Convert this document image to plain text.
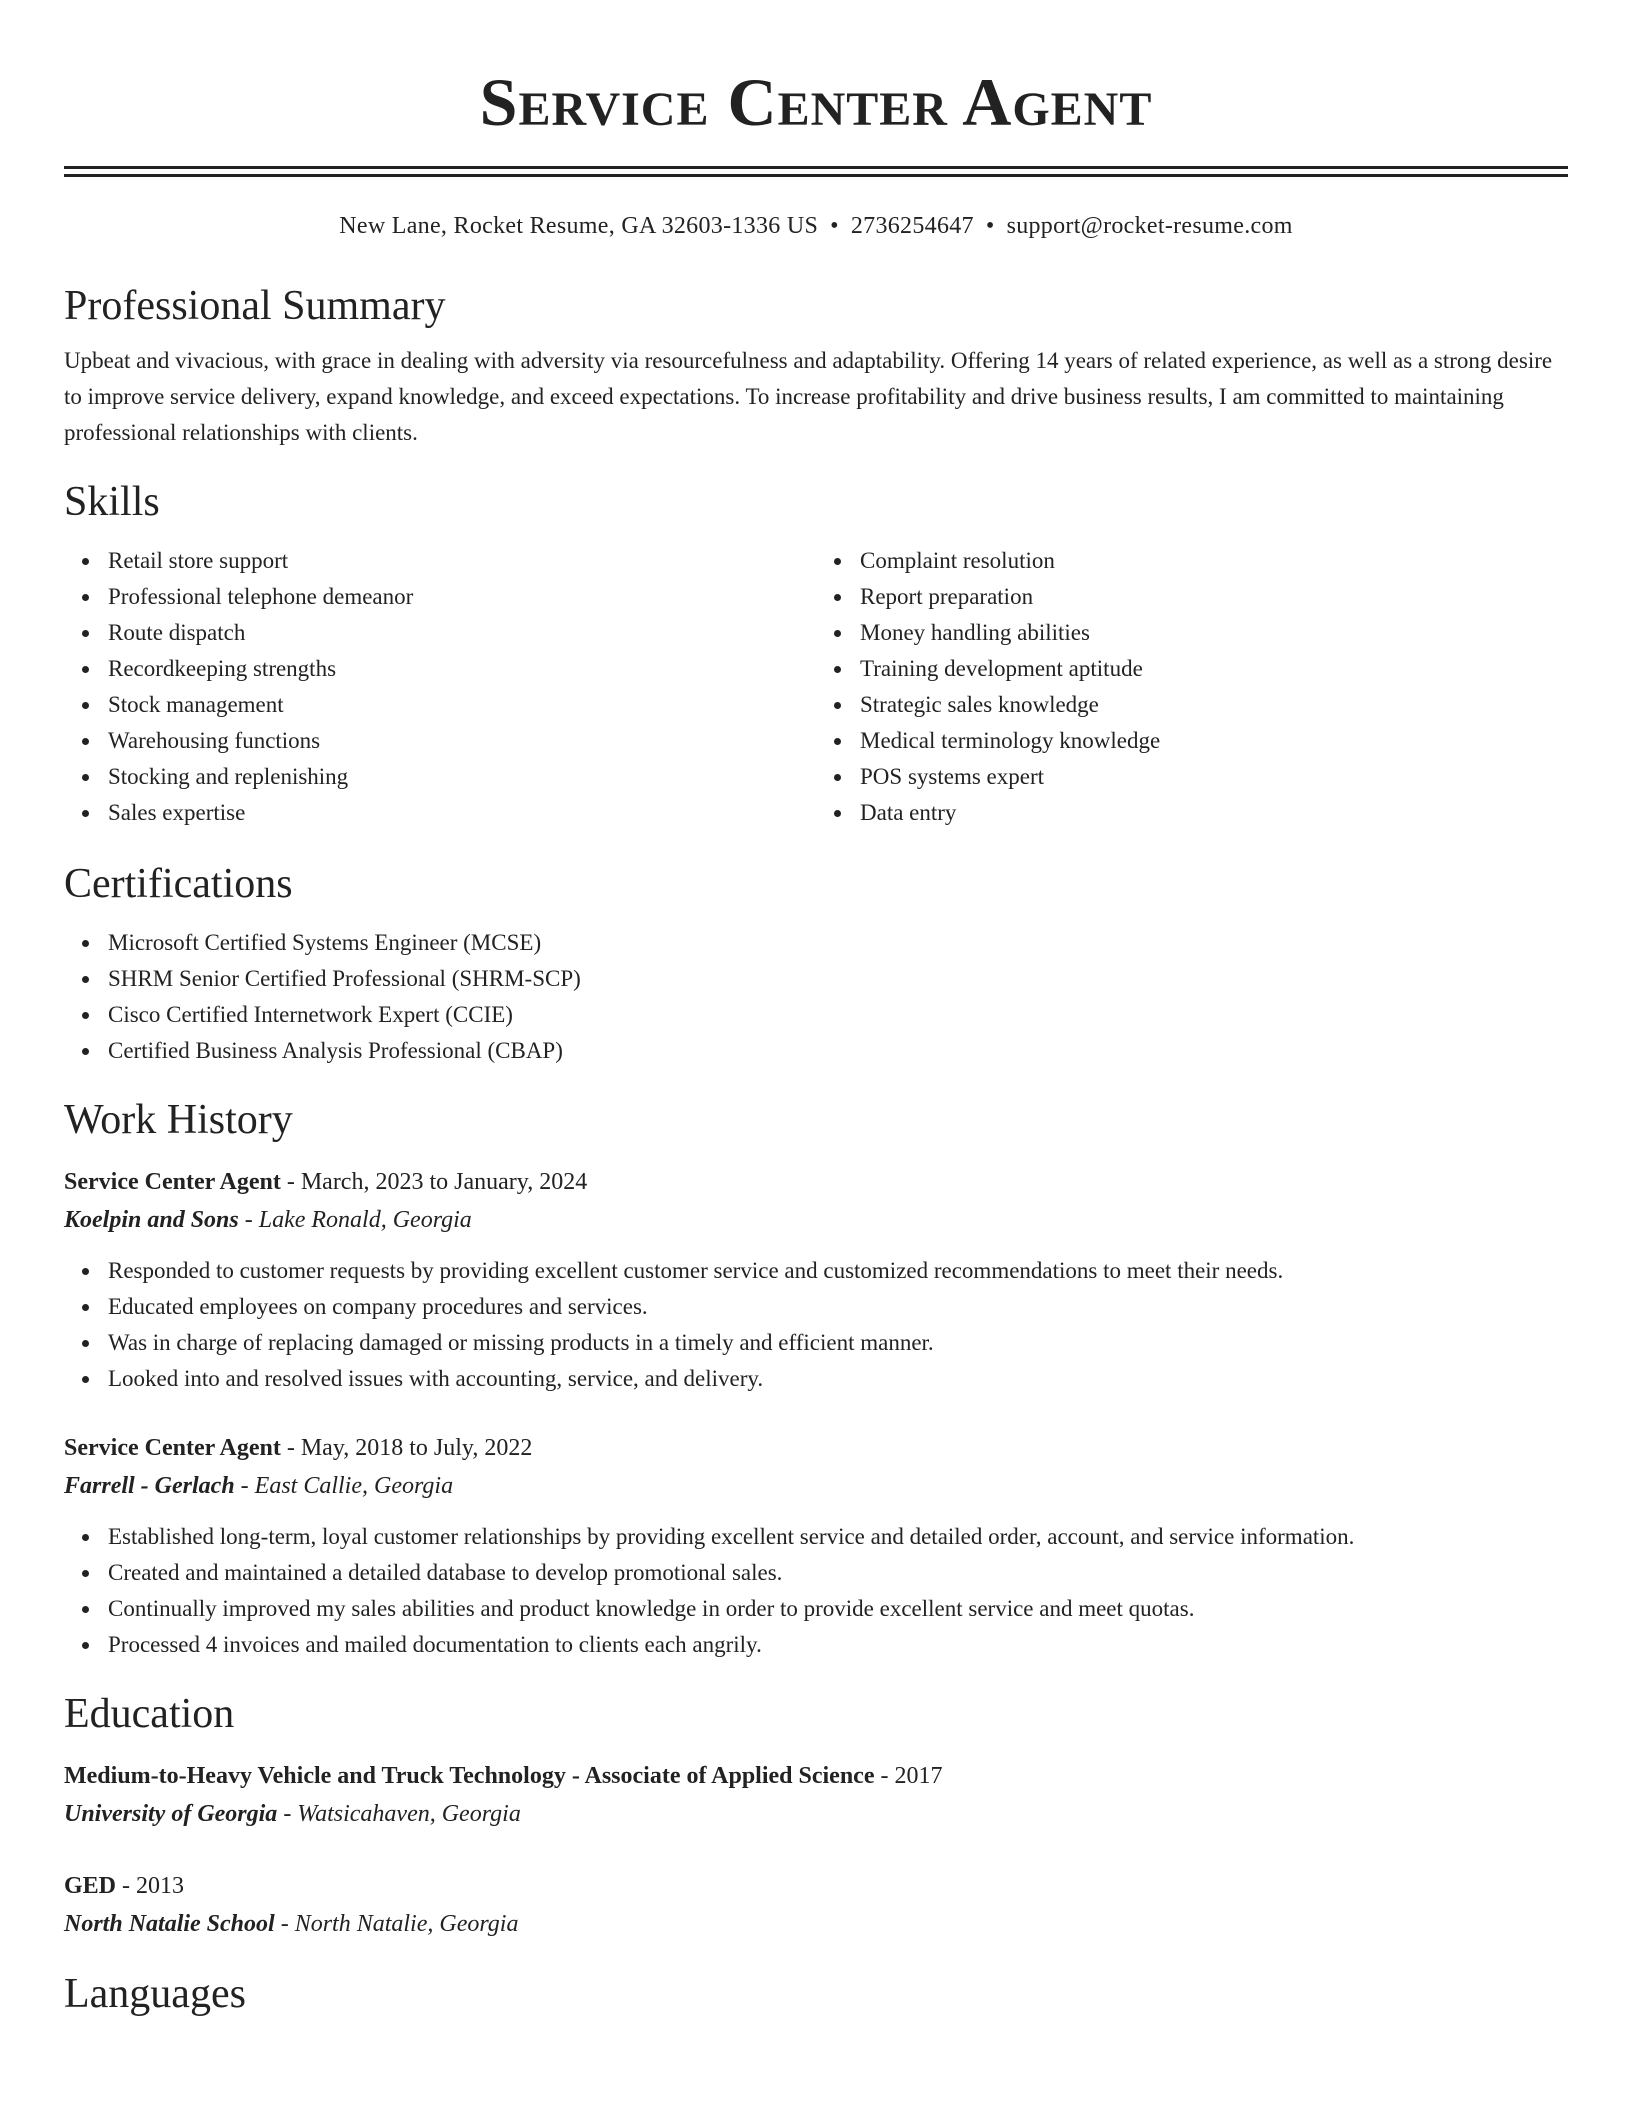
Service Center Agent
New Lane, Rocket Resume, GA 32603-1336 US • 2736254647 • support@rocket-resume.com
Professional Summary

Upbeat and vivacious, with grace in dealing with adversity via resourcefulness and adaptability. Offering 14 years of related experience, as well as a strong desire to improve service delivery, expand knowledge, and exceed expectations. To increase profitability and drive business results, I am committed to maintaining professional relationships with clients.

Skills
Retail store support
Professional telephone demeanor
Route dispatch
Recordkeeping strengths
Stock management
Warehousing functions
Stocking and replenishing
Sales expertise
Complaint resolution
Report preparation
Money handling abilities
Training development aptitude
Strategic sales knowledge
Medical terminology knowledge
POS systems expert
Data entry
Certifications
Microsoft Certified Systems Engineer (MCSE)
SHRM Senior Certified Professional (SHRM-SCP)
Cisco Certified Internetwork Expert (CCIE)
Certified Business Analysis Professional (CBAP)
Work History
Service Center Agent - March, 2023 to January, 2024
Koelpin and Sons - Lake Ronald, Georgia
Responded to customer requests by providing excellent customer service and customized recommendations to meet their needs.
Educated employees on company procedures and services.
Was in charge of replacing damaged or missing products in a timely and efficient manner.
Looked into and resolved issues with accounting, service, and delivery.
Service Center Agent - May, 2018 to July, 2022
Farrell - Gerlach - East Callie, Georgia
Established long-term, loyal customer relationships by providing excellent service and detailed order, account, and service information.
Created and maintained a detailed database to develop promotional sales.
Continually improved my sales abilities and product knowledge in order to provide excellent service and meet quotas.
Processed 4 invoices and mailed documentation to clients each angrily.
Education
Medium-to-Heavy Vehicle and Truck Technology - Associate of Applied Science - 2017
University of Georgia - Watsicahaven, Georgia
GED - 2013
North Natalie School - North Natalie, Georgia
Languages
